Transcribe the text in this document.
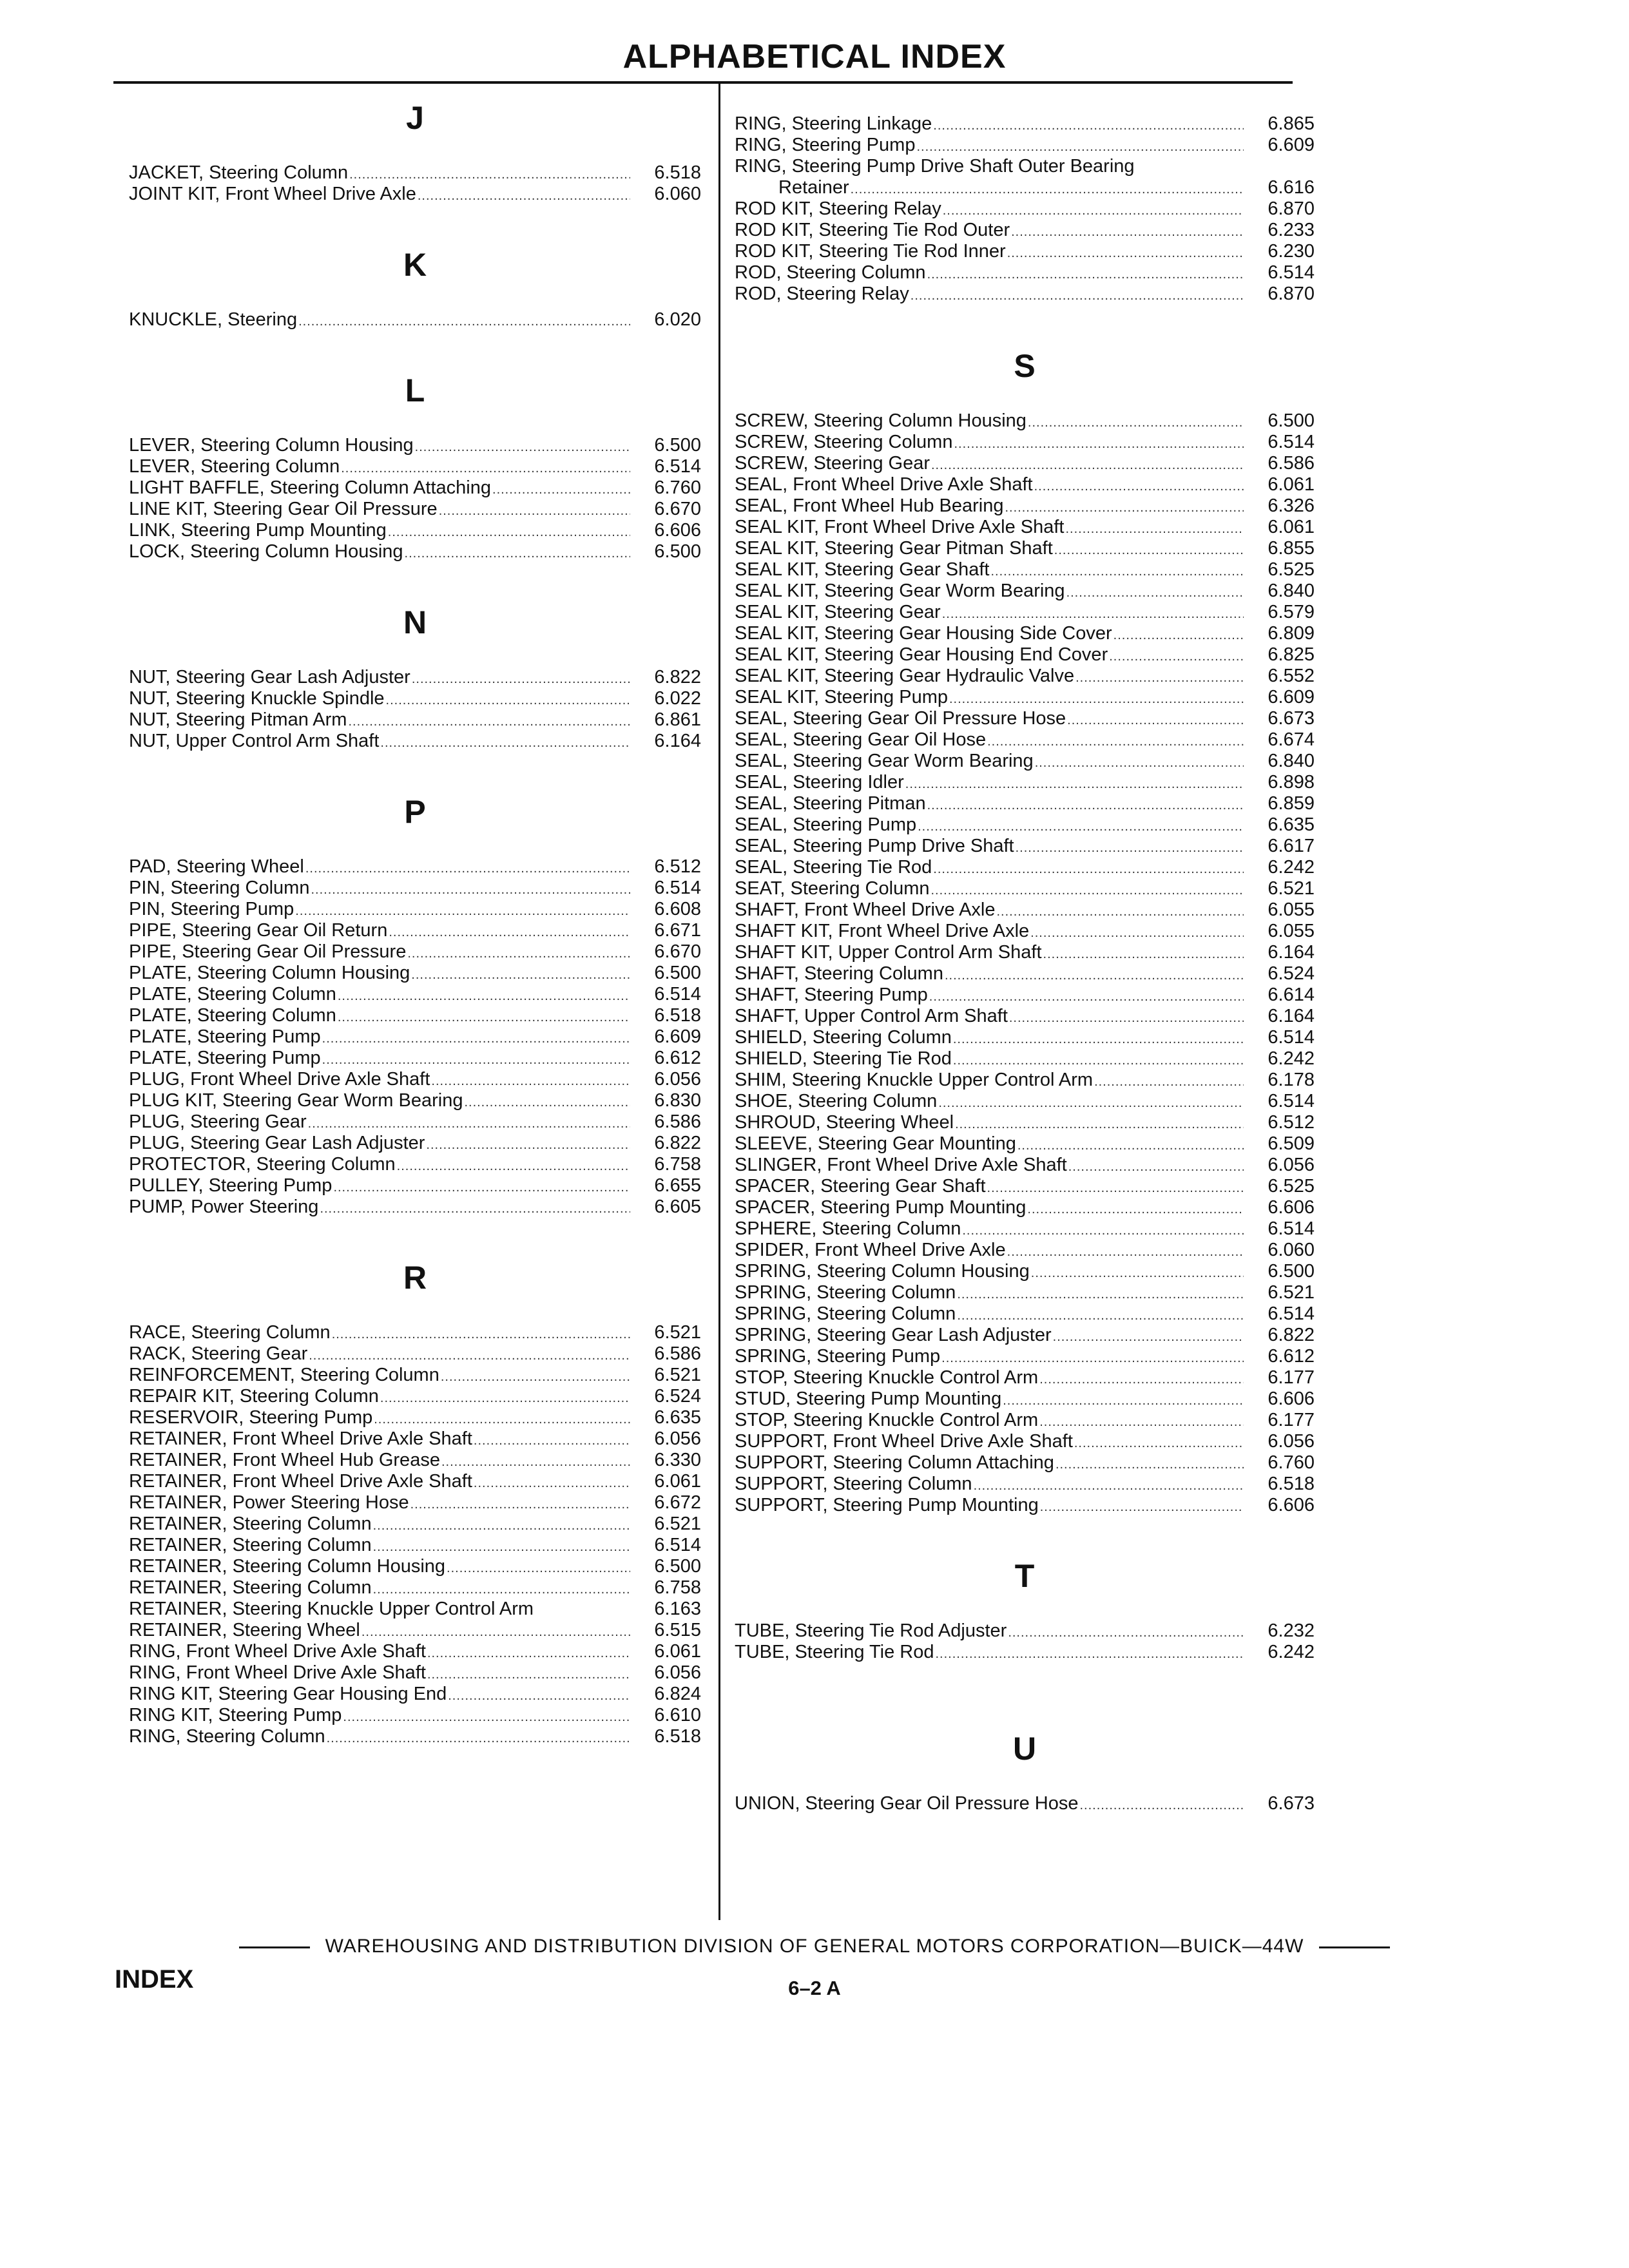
ALPHABETICAL INDEX
J
JACKET, Steering Column .....	6.518
JOINT KIT, Front Wheel Drive Axle .....	6.060
K
KNUCKLE, Steering .....	6.020
L
LEVER, Steering Column Housing .....	6.500
LEVER, Steering Column .....	6.514
LIGHT BAFFLE, Steering Column Attaching .....	6.760
LINE KIT, Steering Gear Oil Pressure .....	6.670
LINK, Steering Pump Mounting .....	6.606
LOCK, Steering Column Housing .....	6.500
N
NUT, Steering Gear Lash Adjuster .....	6.822
NUT, Steering Knuckle Spindle .....	6.022
NUT, Steering Pitman Arm .....	6.861
NUT, Upper Control Arm Shaft .....	6.164
P
PAD, Steering Wheel .....	6.512
PIN, Steering Column .....	6.514
PIN, Steering Pump .....	6.608
PIPE, Steering Gear Oil Return .....	6.671
PIPE, Steering Gear Oil Pressure .....	6.670
PLATE, Steering Column Housing .....	6.500
PLATE, Steering Column .....	6.514
PLATE, Steering Column .....	6.518
PLATE, Steering Pump .....	6.609
PLATE, Steering Pump .....	6.612
PLUG, Front Wheel Drive Axle Shaft .....	6.056
PLUG KIT, Steering Gear Worm Bearing .....	6.830
PLUG, Steering Gear .....	6.586
PLUG, Steering Gear Lash Adjuster .....	6.822
PROTECTOR, Steering Column .....	6.758
PULLEY, Steering Pump .....	6.655
PUMP, Power Steering .....	6.605
R
RACE, Steering Column .....	6.521
RACK, Steering Gear .....	6.586
REINFORCEMENT, Steering Column .....	6.521
REPAIR KIT, Steering Column .....	6.524
RESERVOIR, Steering Pump .....	6.635
RETAINER, Front Wheel Drive Axle Shaft .....	6.056
RETAINER, Front Wheel Hub Grease .....	6.330
RETAINER, Front Wheel Drive Axle Shaft .....	6.061
RETAINER, Power Steering Hose .....	6.672
RETAINER, Steering Column .....	6.521
RETAINER, Steering Column .....	6.514
RETAINER, Steering Column Housing .....	6.500
RETAINER, Steering Column .....	6.758
RETAINER, Steering Knuckle Upper Control Arm	6.163
RETAINER, Steering Wheel .....	6.515
RING, Front Wheel Drive Axle Shaft .....	6.061
RING, Front Wheel Drive Axle Shaft .....	6.056
RING KIT, Steering Gear Housing End .....	6.824
RING KIT, Steering Pump .....	6.610
RING, Steering Column .....	6.518
RING, Steering Linkage .....	6.865
RING, Steering Pump .....	6.609
RING, Steering Pump Drive Shaft Outer Bearing
Retainer .....	6.616
ROD KIT, Steering Relay .....	6.870
ROD KIT, Steering Tie Rod Outer .....	6.233
ROD KIT, Steering Tie Rod Inner .....	6.230
ROD, Steering Column .....	6.514
ROD, Steering Relay .....	6.870
S
SCREW, Steering Column Housing .....	6.500
SCREW, Steering Column .....	6.514
SCREW, Steering Gear .....	6.586
SEAL, Front Wheel Drive Axle Shaft .....	6.061
SEAL, Front Wheel Hub Bearing .....	6.326
SEAL KIT, Front Wheel Drive Axle Shaft .....	6.061
SEAL KIT, Steering Gear Pitman Shaft .....	6.855
SEAL KIT, Steering Gear Shaft .....	6.525
SEAL KIT, Steering Gear Worm Bearing .....	6.840
SEAL KIT, Steering Gear .....	6.579
SEAL KIT, Steering Gear Housing Side Cover .....	6.809
SEAL KIT, Steering Gear Housing End Cover .....	6.825
SEAL KIT, Steering Gear Hydraulic Valve .....	6.552
SEAL KIT, Steering Pump .....	6.609
SEAL, Steering Gear Oil Pressure Hose .....	6.673
SEAL, Steering Gear Oil Hose .....	6.674
SEAL, Steering Gear Worm Bearing .....	6.840
SEAL, Steering Idler .....	6.898
SEAL, Steering Pitman .....	6.859
SEAL, Steering Pump .....	6.635
SEAL, Steering Pump Drive Shaft .....	6.617
SEAL, Steering Tie Rod .....	6.242
SEAT, Steering Column .....	6.521
SHAFT, Front Wheel Drive Axle .....	6.055
SHAFT KIT, Front Wheel Drive Axle .....	6.055
SHAFT KIT, Upper Control Arm Shaft .....	6.164
SHAFT, Steering Column .....	6.524
SHAFT, Steering Pump .....	6.614
SHAFT, Upper Control Arm Shaft .....	6.164
SHIELD, Steering Column .....	6.514
SHIELD, Steering Tie Rod .....	6.242
SHIM, Steering Knuckle Upper Control Arm .....	6.178
SHOE, Steering Column .....	6.514
SHROUD, Steering Wheel .....	6.512
SLEEVE, Steering Gear Mounting .....	6.509
SLINGER, Front Wheel Drive Axle Shaft .....	6.056
SPACER, Steering Gear Shaft .....	6.525
SPACER, Steering Pump Mounting .....	6.606
SPHERE, Steering Column .....	6.514
SPIDER, Front Wheel Drive Axle .....	6.060
SPRING, Steering Column Housing .....	6.500
SPRING, Steering Column .....	6.521
SPRING, Steering Column .....	6.514
SPRING, Steering Gear Lash Adjuster .....	6.822
SPRING, Steering Pump .....	6.612
STOP, Steering Knuckle Control Arm .....	6.177
STUD, Steering Pump Mounting .....	6.606
STOP, Steering Knuckle Control Arm .....	6.177
SUPPORT, Front Wheel Drive Axle Shaft .....	6.056
SUPPORT, Steering Column Attaching .....	6.760
SUPPORT, Steering Column .....	6.518
SUPPORT, Steering Pump Mounting .....	6.606
T
TUBE, Steering Tie Rod Adjuster .....	6.232
TUBE, Steering Tie Rod .....	6.242
U
UNION, Steering Gear Oil Pressure Hose .....	6.673
WAREHOUSING AND DISTRIBUTION DIVISION OF GENERAL MOTORS CORPORATION—BUICK—44W
INDEX	6–2 A
